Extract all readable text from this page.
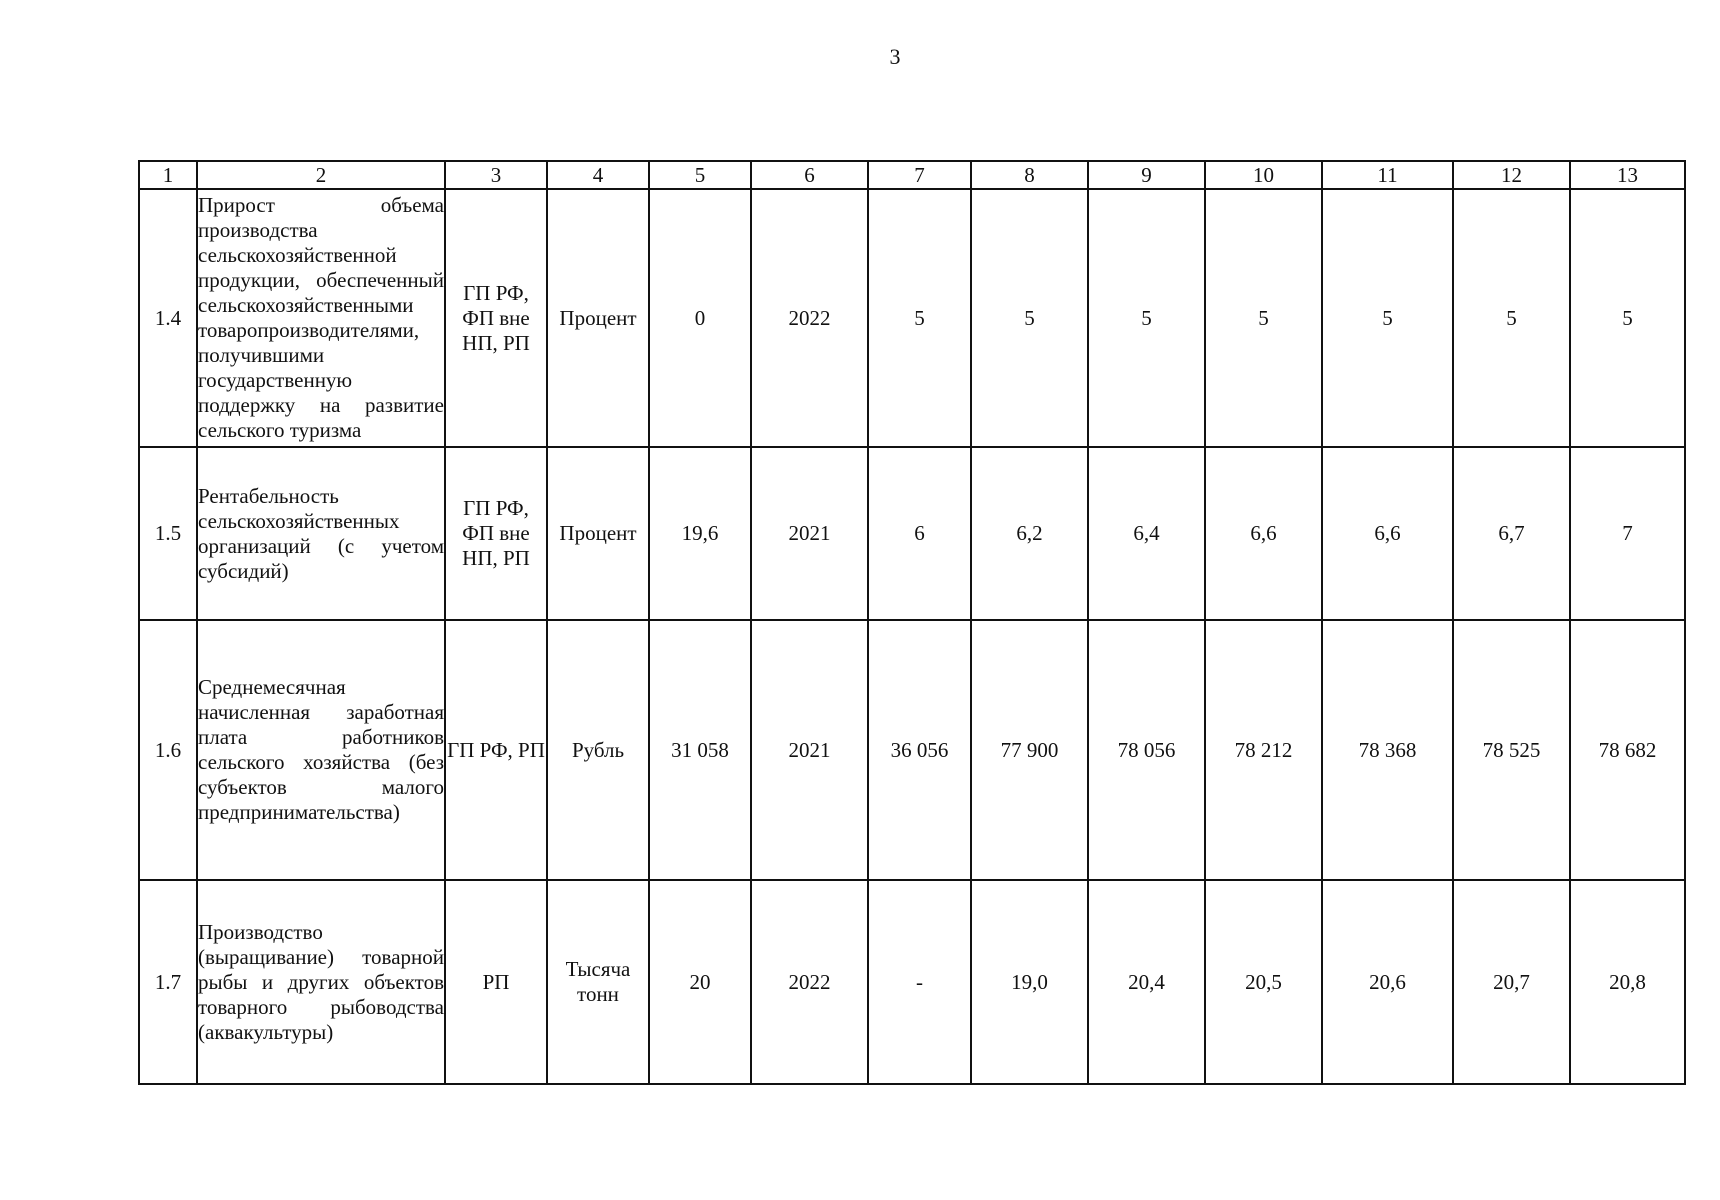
3
1	2	3	4	5	6	7	8	9	10	11	12	13
1.4	Прирост объема производства сельскохозяйственной продукции, обеспеченный сельскохозяйственными товаропроизводителями, получившими государственную поддержку на развитие сельского туризма	ГП РФ, ФП вне НП, РП	Процент	0	2022	5	5	5	5	5	5	5
1.5	Рентабельность сельскохозяйственных организаций (с учетом субсидий)	ГП РФ, ФП вне НП, РП	Процент	19,6	2021	6	6,2	6,4	6,6	6,6	6,7	7
1.6	Среднемесячная начисленная заработная плата работников сельского хозяйства (без субъектов малого предпринимательства)	ГП РФ, РП	Рубль	31 058	2021	36 056	77 900	78 056	78 212	78 368	78 525	78 682
1.7	Производство (выращивание) товарной рыбы и других объектов товарного рыбоводства (аквакультуры)	РП	Тысяча тонн	20	2022	-	19,0	20,4	20,5	20,6	20,7	20,8
